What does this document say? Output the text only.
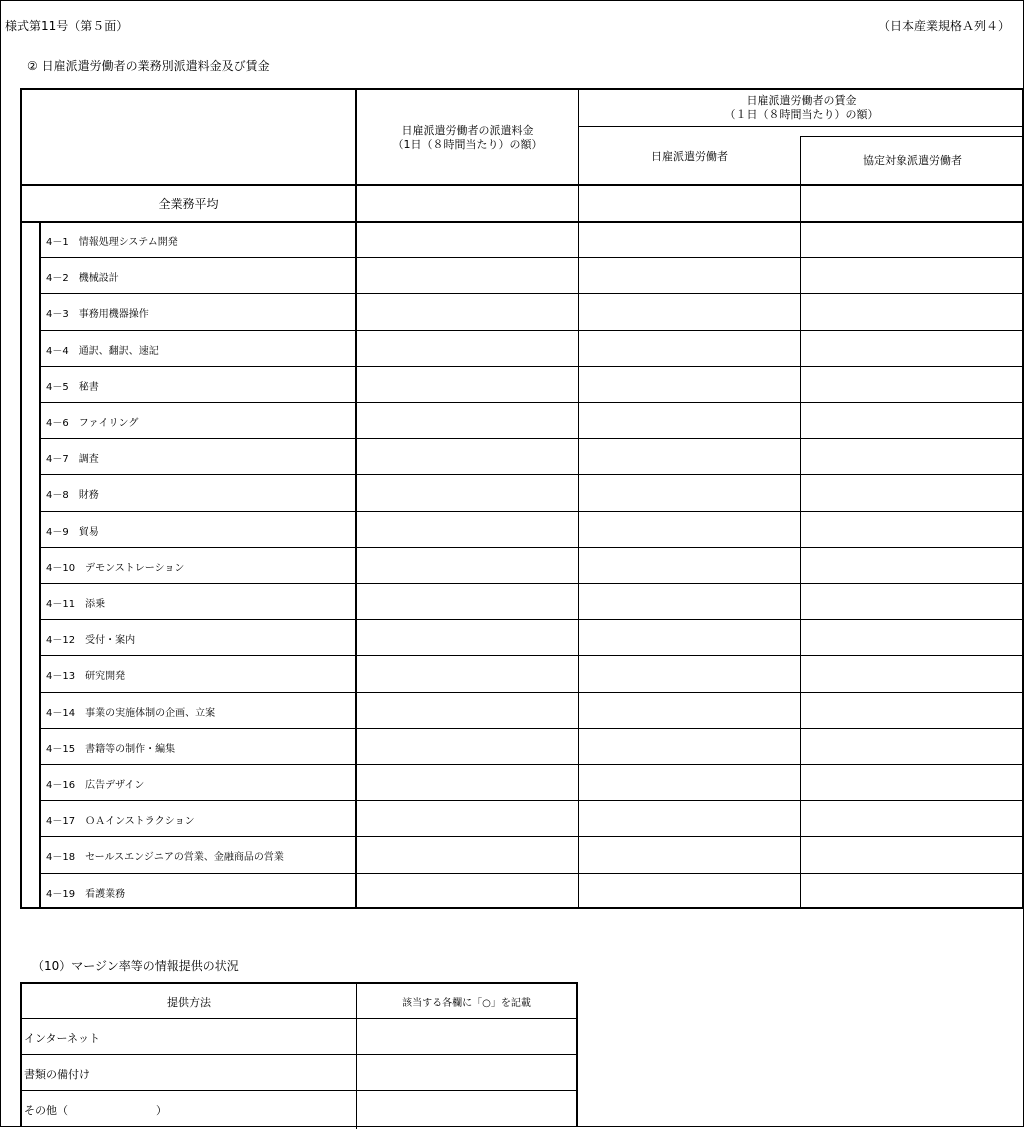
様式第11号（第５面）	（日本産業規格Ａ列４）
② 日雇派遣労働者の業務別派遣料金及び賃金
日雇派遣労働者の派遣料金
（1日（８時間当たり）の額）
日雇派遣労働者の賃金
（１日（８時間当たり）の額）
日雇派遣労働者	協定対象派遣労働者
全業務平均
4－1　情報処理システム開発
4－2　機械設計
4－3　事務用機器操作
4－4　通訳、翻訳、速記
4－5　秘書
4－6　ファイリング
4－7　調査
4－8　財務
4－9　貿易
4－10　デモンストレーション
4－11　添乗
4－12　受付・案内
4－13　研究開発
4－14　事業の実施体制の企画、立案
4－15　書籍等の制作・編集
4－16　広告デザイン
4－17　ＯＡインストラクション
4－18　セールスエンジニアの営業、金融商品の営業
4－19　看護業務
（10）マージン率等の情報提供の状況
提供方法	該当する各欄に「○」を記載
インターネット
書類の備付け
その他（　　　　　　　　）
